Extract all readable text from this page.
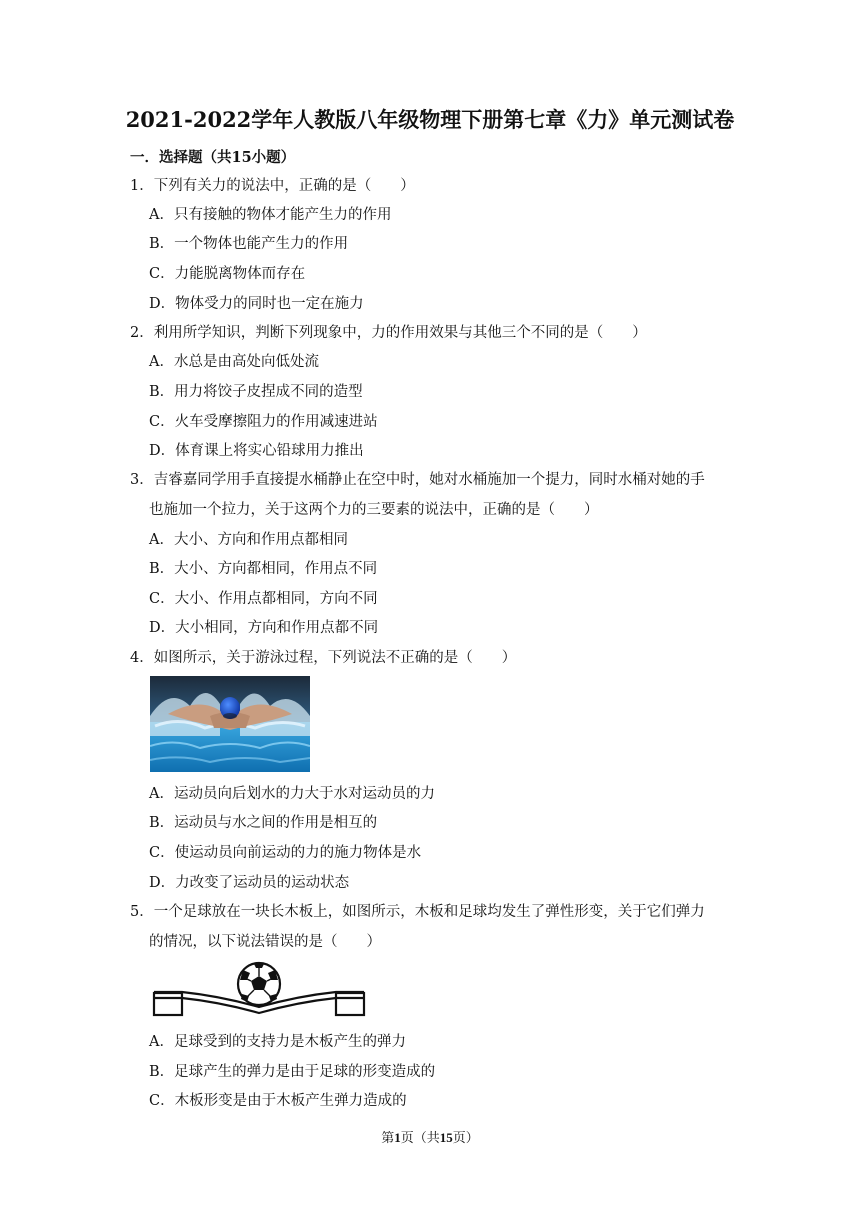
2021-2022学年人教版八年级物理下册第七章《力》单元测试卷
一．选择题（共15小题）
1．下列有关力的说法中，正确的是（　　）
A．只有接触的物体才能产生力的作用
B．一个物体也能产生力的作用
C．力能脱离物体而存在
D．物体受力的同时也一定在施力
2．利用所学知识，判断下列现象中，力的作用效果与其他三个不同的是（　　）
A．水总是由高处向低处流
B．用力将饺子皮捏成不同的造型
C．火车受摩擦阻力的作用减速进站
D．体育课上将实心铅球用力推出
3．吉睿嘉同学用手直接提水桶静止在空中时，她对水桶施加一个提力，同时水桶对她的手
也施加一个拉力，关于这两个力的三要素的说法中，正确的是（　　）
A．大小、方向和作用点都相同
B．大小、方向都相同，作用点不同
C．大小、作用点都相同，方向不同
D．大小相同，方向和作用点都不同
4．如图所示，关于游泳过程，下列说法不正确的是（　　）
A．运动员向后划水的力大于水对运动员的力
B．运动员与水之间的作用是相互的
C．使运动员向前运动的力的施力物体是水
D．力改变了运动员的运动状态
5．一个足球放在一块长木板上，如图所示，木板和足球均发生了弹性形变，关于它们弹力
的情况，以下说法错误的是（　　）
A．足球受到的支持力是木板产生的弹力
B．足球产生的弹力是由于足球的形变造成的
C．木板形变是由于木板产生弹力造成的
第1页（共15页）
